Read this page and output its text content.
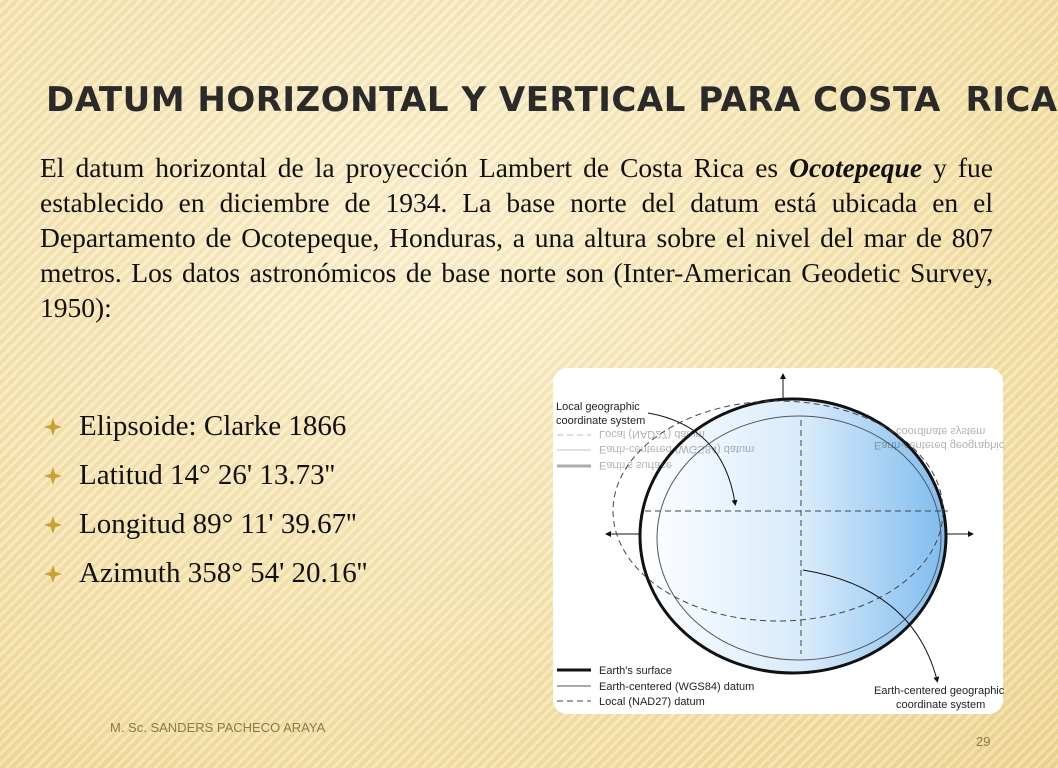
DATUM HORIZONTAL Y VERTICAL PARA COSTA  RICA

El datum horizontal de la proyección Lambert de Costa Rica es Ocotepeque y fue establecido en diciembre de 1934. La base norte del datum está ubicada en el Departamento de Ocotepeque, Honduras, a una altura sobre el nivel del mar de 807 metros. Los datos astronómicos de base norte son (Inter-American Geodetic Survey, 1950):

Elipsoide: Clarke 1866
Latitud 14° 26' 13.73''
Longitud 89° 11' 39.67''
Azimuth 358° 54' 20.16''
Local geographic
coordinate system
Earth-centered geographic
coordinate system
Earth's surface
Earth-centered (WGS84) datum
Local (NAD27) datum
Earth's surface
Earth-centered (WGS84) datum
Local (NAD27) datum
Earth-centered geographic
coordinate system
M. Sc. SANDERS PACHECO ARAYA
29
